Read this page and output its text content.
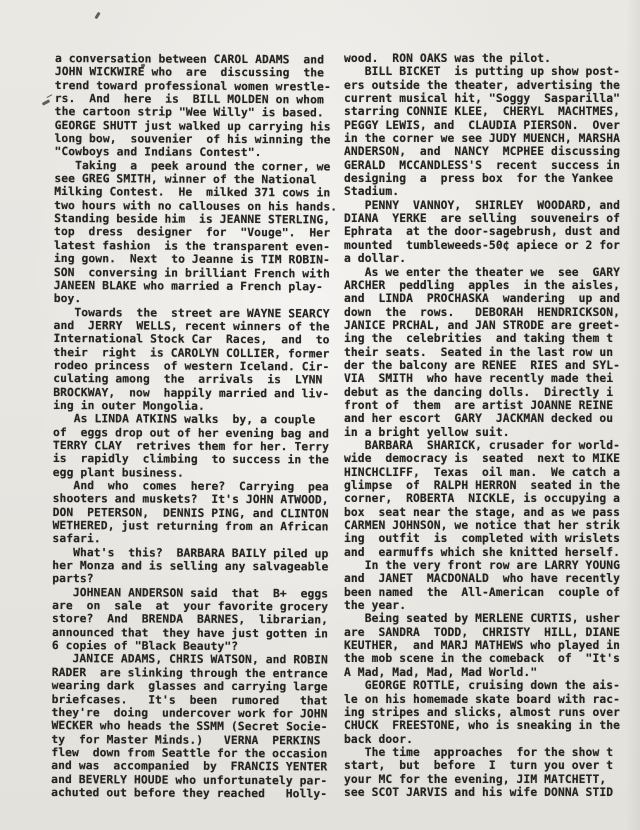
a conversation between CAROL ADAMS  and
JOHN WICKWIRE who  are  discussing  the
trend toward professional women wrestle-
rs.  And  here  is  BILL MOLDEN on whom
the cartoon strip "Wee Willy" is based.
GEORGE SHUTT just walked up carrying his
long bow,  souvenier  of his winning the
"Cowboys and Indians Contest".
Taking  a  peek around the corner, we
see GREG SMITH, winner of the National
Milking Contest.  He  milked 371 cows in
two hours with no callouses on his hands.
Standing beside him  is JEANNE STERLING,
top  dress  designer  for  "Vouge".  Her
latest fashion  is the transparent even-
ing gown.  Next  to Jeanne is TIM ROBIN-
SON  conversing in brilliant French with
JANEEN BLAKE who married a French play-
boy.
Towards  the  street are WAYNE SEARCY
and  JERRY  WELLS, recent winners of the
International Stock Car  Races,  and  to
their  right  is CAROLYN COLLIER, former
rodeo princess  of western Iceland. Cir-
culating among  the  arrivals  is  LYNN
BROCKWAY,  now  happily married and liv-
ing in outer Mongolia.
As LINDA ATKINS walks  by, a couple
of  eggs drop out of her evening bag and
TERRY CLAY  retrives them for her. Terry
is  rapidly  climbing  to success in the
egg plant business.
And  who  comes  here?  Carrying  pea
shooters and muskets?  It's JOHN ATWOOD,
DON  PETERSON,  DENNIS PING, and CLINTON
WETHERED, just returning from an African
safari.
What's  this?  BARBARA BAILY piled up
her Monza and is selling any salvageable
parts?
JOHNEAN ANDERSON said  that  B+  eggs
are  on  sale  at  your favorite grocery
store?  And  BRENDA  BARNES,  librarian,
announced that  they have just gotten in
6 copies of "Black Beauty"?
JANICE ADAMS, CHRIS WATSON, and ROBIN
RADER  are slinking through the entrance
wearing dark  glasses and carrying large
briefcases.   It's  been  rumored   that
they're  doing  undercover work for JOHN
WECKER who heads the SSMM (Secret Socie-
ty  for Master Minds.)   VERNA  PERKINS
flew  down from Seattle for the occasion
and was  accompanied  by  FRANCIS YENTER
and BEVERLY HOUDE who unfortunately par-
achuted out before they reached   Holly-
wood.  RON OAKS was the pilot.
BILL BICKET  is putting up show post-
ers outside the theater, advertising the
current musical hit, "Soggy  Sasparilla"
starring CONNIE KLEE,  CHERYL  MACHTMES,
PEGGY LEWIS, and  CLAUDIA PIERSON.  Over
in the corner we see JUDY MUENCH, MARSHA
ANDERSON,  and  NANCY  MCPHEE discussing
GERALD  MCCANDLESS'S  recent  success in
designing  a  press box  for the Yankee
Stadium.
PENNY  VANNOY,  SHIRLEY  WOODARD, and
DIANA  YERKE  are selling  souveneirs of
Ephrata  at the door-sagebrush, dust and
mounted  tumbleweeds-50¢ apiece or 2 for
a dollar.
As we enter the theater we  see  GARY
ARCHER  peddling  apples  in the aisles,
and  LINDA  PROCHASKA  wandering  up and
down  the  rows.   DEBORAH  HENDRICKSON,
JANICE PRCHAL, and JAN STRODE are greet-
ing the  celebrities  and taking them t
their seats.  Seated in the last row un
der the balcony are RENEE  RIES and SYL-
VIA  SMITH  who have recently made thei
debut as the dancing dolls.  Directly i
front of  them  are artist JOANNE REINE
and her escort  GARY  JACKMAN decked ou
in a bright yellow suit.
BARBARA  SHARICK, crusader for world-
wide  democracy is  seated  next to MIKE
HINCHCLIFF,  Texas  oil man.  We catch a
glimpse  of  RALPH HERRON  seated in the
corner,  ROBERTA  NICKLE, is occupying a
box  seat near the stage, and as we pass
CARMEN JOHNSON, we notice that her strik
ing  outfit  is  completed with wrislets
and  earmuffs which she knitted herself.
In the very front row are LARRY YOUNG
and  JANET  MACDONALD  who have recently
been named  the  All-American  couple of
the year.
Being seated by MERLENE CURTIS, usher
are  SANDRA  TODD,  CHRISTY  HILL, DIANE
KEUTHER,  and MARJ MATHEWS who played in
the mob scene in the comeback  of  "It's
A Mad, Mad, Mad, Mad World."
GEORGE ROTTLE, cruising down the ais-
le on his homemade skate board with rac-
ing stripes and slicks, almost runs over
CHUCK  FREESTONE, who is sneaking in the
back door.
The time  approaches  for the show t
start,  but  before  I  turn you over t
your MC for the evening, JIM MATCHETT,
see SCOT JARVIS and his wife DONNA STID
